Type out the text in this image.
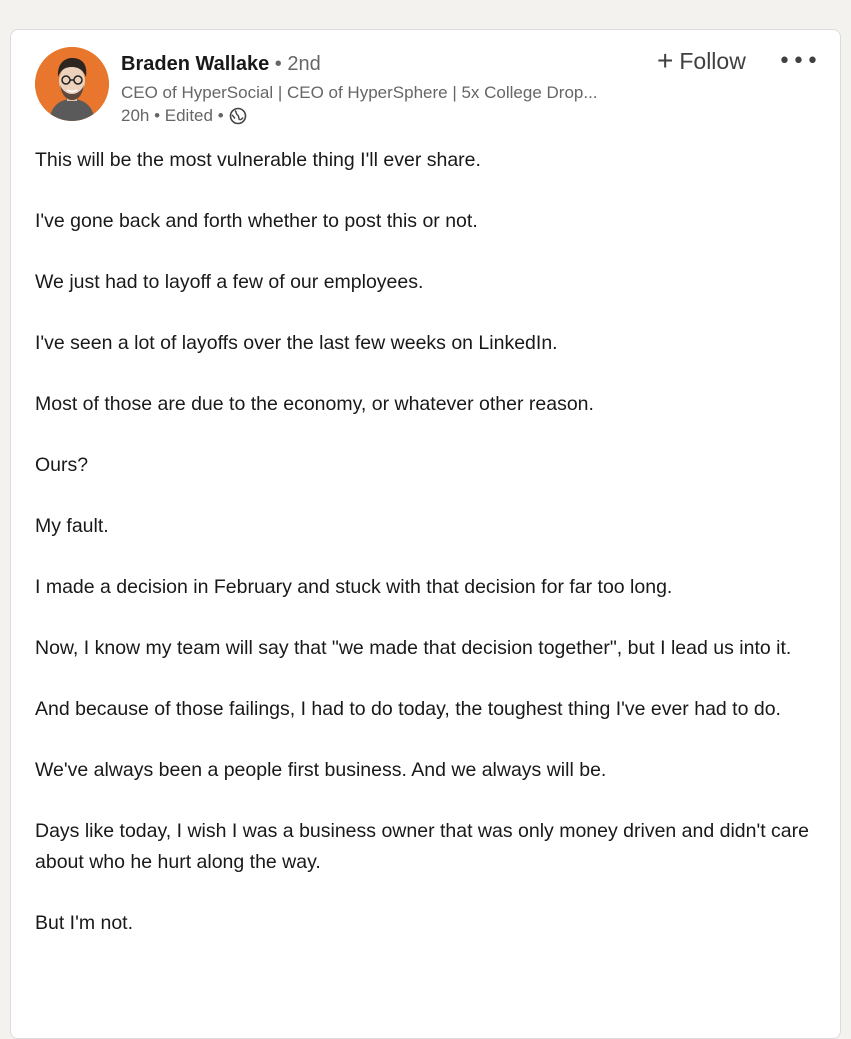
Braden Wallake • 2nd
CEO of HyperSocial | CEO of HyperSphere | 5x College Drop...
20h • Edited •
+ Follow •••

This will be the most vulnerable thing I'll ever share.

I've gone back and forth whether to post this or not.

We just had to layoff a few of our employees.

I've seen a lot of layoffs over the last few weeks on LinkedIn.

Most of those are due to the economy, or whatever other reason.

Ours?

My fault.

I made a decision in February and stuck with that decision for far too long.

Now, I know my team will say that "we made that decision together", but I lead us into it.

And because of those failings, I had to do today, the toughest thing I've ever had to do.

We've always been a people first business. And we always will be.

Days like today, I wish I was a business owner that was only money driven and didn't care about who he hurt along the way.

But I'm not.
